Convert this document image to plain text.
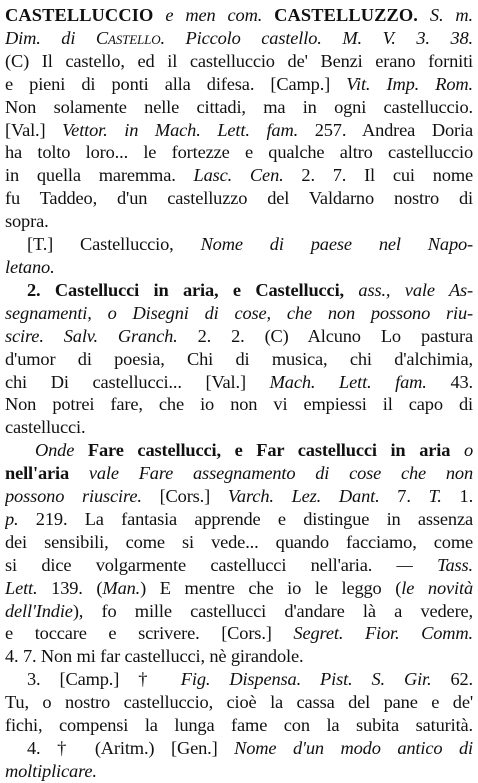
CASTELLUCCIO e men com. CASTELLUZZO. S. m.
Dim. di Castello. Piccolo castello. M. V. 3. 38.
(C) Il castello, ed il castelluccio de' Benzi erano forniti
e pieni di ponti alla difesa. [Camp.] Vit. Imp. Rom.
Non solamente nelle cittadi, ma in ogni castelluccio.
[Val.] Vettor. in Mach. Lett. fam. 257. Andrea Doria
ha tolto loro... le fortezze e qualche altro castelluccio
in quella maremma. Lasc. Cen. 2. 7. Il cui nome
fu Taddeo, d'un castelluzzo del Valdarno nostro di
sopra.
[T.] Castelluccio, Nome di paese nel Napo-
letano.
2. Castellucci in aria, e Castellucci, ass., vale As-
segnamenti, o Disegni di cose, che non possono riu-
scire. Salv. Granch. 2. 2. (C) Alcuno Lo pastura
d'umor di poesia, Chi di musica, chi d'alchimia,
chi Di castellucci... [Val.] Mach. Lett. fam. 43.
Non potrei fare, che io non vi empiessi il capo di
castellucci.
Onde Fare castellucci, e Far castellucci in aria o
nell'aria vale Fare assegnamento di cose che non
possono riuscire. [Cors.] Varch. Lez. Dant. 7. T. 1.
p. 219. La fantasia apprende e distingue in assenza
dei sensibili, come si vede... quando facciamo, come
si dice volgarmente castellucci nell'aria. — Tass.
Lett. 139. (Man.) E mentre che io le leggo (le novità
dell'Indie), fo mille castellucci d'andare là a vedere,
e toccare e scrivere. [Cors.] Segret. Fior. Comm.
4. 7. Non mi far castellucci, nè girandole.
3. [Camp.] † Fig. Dispensa. Pist. S. Gir. 62.
Tu, o nostro castelluccio, cioè la cassa del pane e de'
fichi, compensi la lunga fame con la subita saturità.
4. † (Aritm.) [Gen.] Nome d'un modo antico di
moltiplicare.
